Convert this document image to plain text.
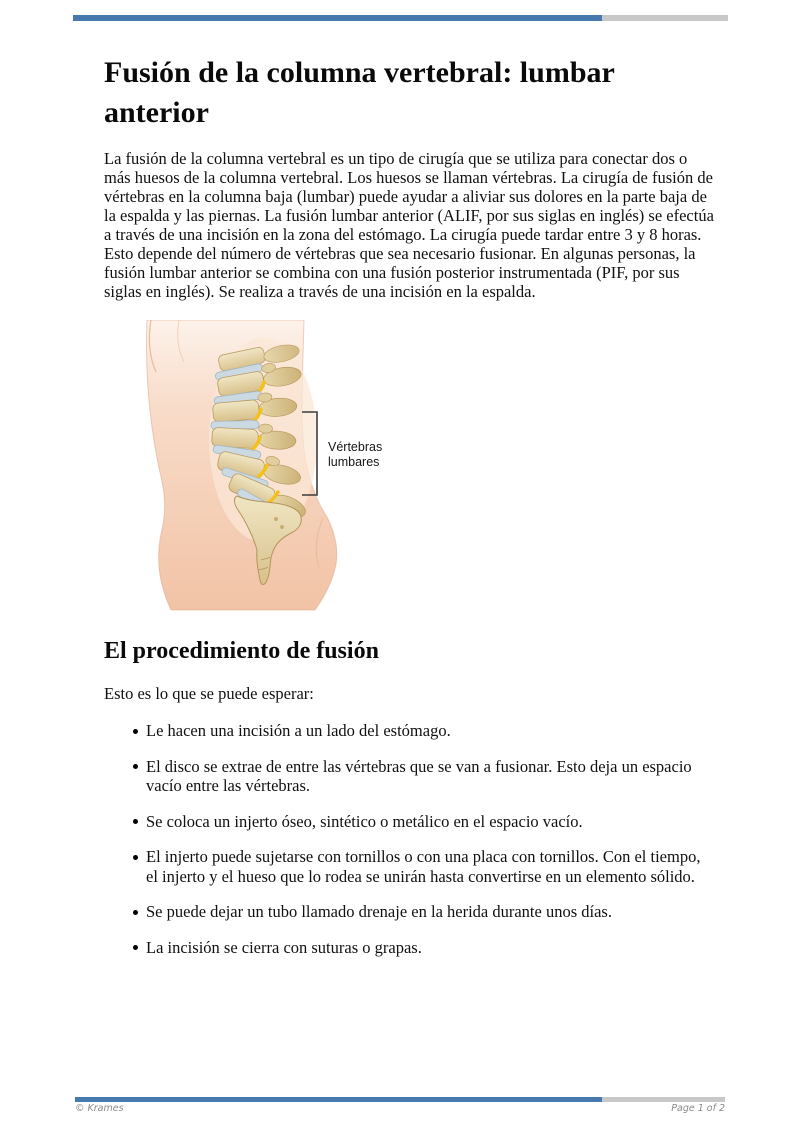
Fusión de la columna vertebral: lumbar anterior

La fusión de la columna vertebral es un tipo de cirugía que se utiliza para conectar dos o más huesos de la columna vertebral. Los huesos se llaman vértebras. La cirugía de fusión de vértebras en la columna baja (lumbar) puede ayudar a aliviar sus dolores en la parte baja de la espalda y las piernas. La fusión lumbar anterior (ALIF, por sus siglas en inglés) se efectúa a través de una incisión en la zona del estómago. La cirugía puede tardar entre 3 y 8 horas. Esto depende del número de vértebras que sea necesario fusionar. En algunas personas, la fusión lumbar anterior se combina con una fusión posterior instrumentada (PIF, por sus siglas en inglés). Se realiza a través de una incisión en la espalda.

Vértebras
lumbares
El procedimiento de fusión

Esto es lo que se puede esperar:

Le hacen una incisión a un lado del estómago.
El disco se extrae de entre las vértebras que se van a fusionar. Esto deja un espacio vacío entre las vértebras.
Se coloca un injerto óseo, sintético o metálico en el espacio vacío.
El injerto puede sujetarse con tornillos o con una placa con tornillos. Con el tiempo, el injerto y el hueso que lo rodea se unirán hasta convertirse en un elemento sólido.
Se puede dejar un tubo llamado drenaje en la herida durante unos días.
La incisión se cierra con suturas o grapas.
© Krames	Page 1 of 2
